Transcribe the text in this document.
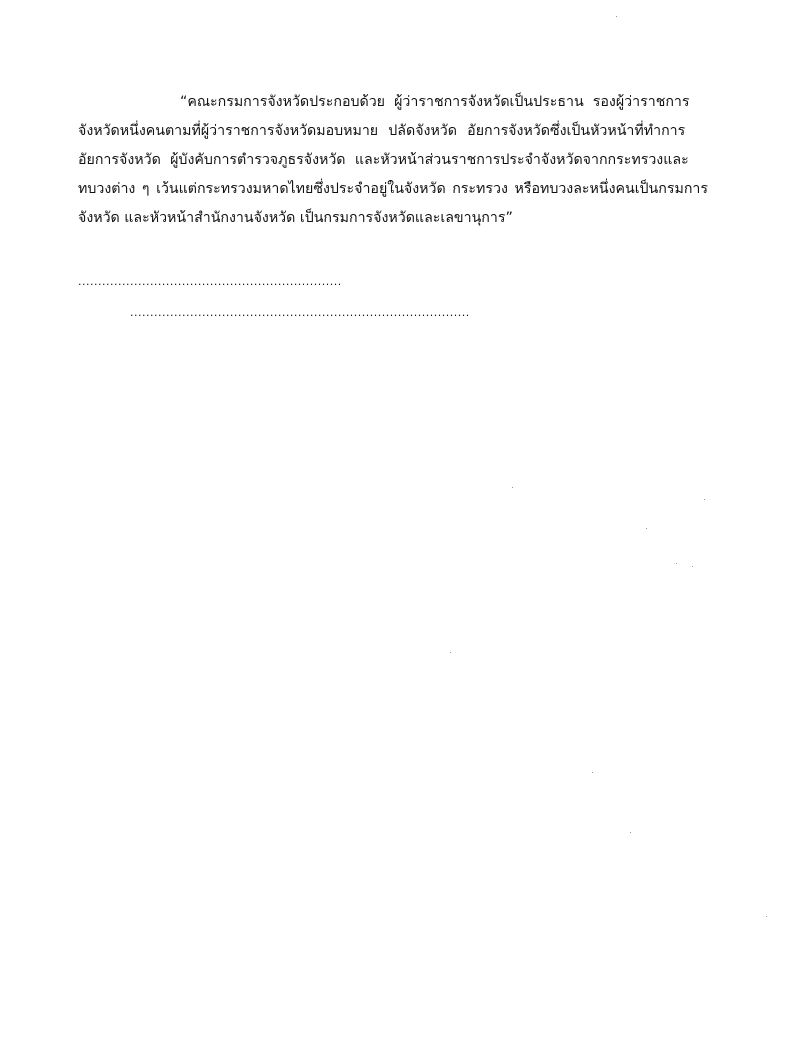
“คณะกรมการจังหวัดประกอบด้วย ผู้ว่าราชการจังหวัดเป็นประธาน รองผู้ว่าราชการ
จังหวัดหนึ่งคนตามที่ผู้ว่าราชการจังหวัดมอบหมาย ปลัดจังหวัด อัยการจังหวัดซึ่งเป็นหัวหน้าที่ทำการ
อัยการจังหวัด ผู้บังคับการตำรวจภูธรจังหวัด และหัวหน้าส่วนราชการประจำจังหวัดจากกระทรวงและ
ทบวงต่าง ๆ เว้นแต่กระทรวงมหาดไทยซึ่งประจำอยู่ในจังหวัด กระทรวง หรือทบวงละหนึ่งคนเป็นกรมการ
จังหวัด และหัวหน้าสำนักงานจังหวัด เป็นกรมการจังหวัดและเลขานุการ”
..................................................................
.....................................................................................
